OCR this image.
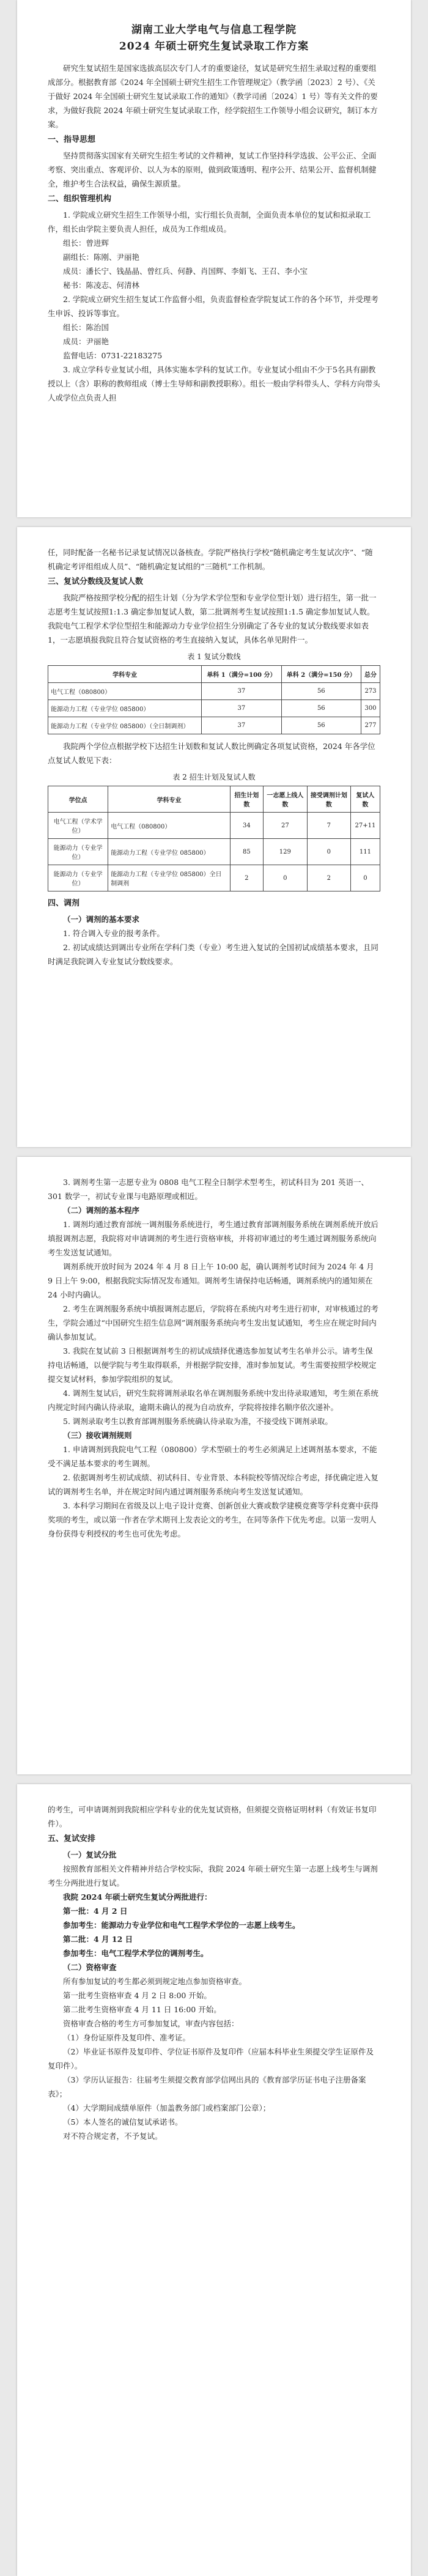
湖南工业大学电气与信息工程学院
2024 年硕士研究生复试录取工作方案

研究生复试招生是国家选拔高层次专门人才的重要途径，复试是研究生招生录取过程的重要组成部分。根据教育部《2024 年全国硕士研究生招生工作管理规定》（教学函〔2023〕2 号）、《关于做好 2024 年全国硕士研究生复试录取工作的通知》（教学司函〔2024〕1 号）等有关文件的要求，为做好我院 2024 年硕士研究生复试录取工作，经学院招生工作领导小组会议研究，制订本方案。

一、指导思想

坚持贯彻落实国家有关研究生招生考试的文件精神，复试工作坚持科学选拔、公平公正、全面考察、突出重点、客观评价、以人为本的原则，做到政策透明、程序公开、结果公开、监督机制健全，维护考生合法权益，确保生源质量。

二、组织管理机构

1. 学院成立研究生招生工作领导小组，实行组长负责制，全面负责本单位的复试和拟录取工作，组长由学院主要负责人担任，成员为工作组成员。

组长：曾进辉

副组长：陈刚、尹丽艳

成员：潘长宁、钱晶晶、曾红兵、何静、肖国辉、李娟飞、王召、李小宝

秘书：陈凌志、何清林

2. 学院成立研究生招生复试工作监督小组，负责监督检查学院复试工作的各个环节，并受理考生申诉、投诉等事宜。

组长：陈治国

成员：尹丽艳

监督电话：0731-22183275

3. 成立学科专业复试小组，具体实施本学科的复试工作。专业复试小组由不少于5名具有副教授以上（含）职称的教师组成（博士生导师和副教授职称）。组长一般由学科带头人、学科方向带头人或学位点负责人担

任，同时配备一名秘书记录复试情况以备核查。学院严格执行学校“随机确定考生复试次序”、“随机确定考评组组成人员”、“随机确定复试组的”三随机”工作机制。

三、复试分数线及复试人数

我院严格按照学校分配的招生计划（分为学术学位型和专业学位型计划）进行招生，第一批一志愿考生复试按照1:1.3 确定参加复试人数，第二批调剂考生复试按照1:1.5 确定参加复试人数。我院电气工程学术学位型招生和能源动力专业学位招生分别确定了各专业的复试分数线要求如表1，一志愿填报我院且符合复试资格的考生直接纳入复试，具体名单见附件一。

表 1 复试分数线
学科专业	单科 1（满分=100 分）	单科 2（满分=150 分）	总分
电气工程（080800）	37	56	273
能源动力工程（专业学位 085800）	37	56	300
能源动力工程（专业学位 085800）（全日制调剂）	37	56	277

我院两个学位点根据学校下达招生计划数和复试人数比例确定各项复试资格，2024 年各学位点复试人数见下表：

表 2 招生计划及复试人数
学位点	学科专业	招生计划数	一志愿上线人数	接受调剂计划数	复试人数
电气工程（学术学位）	电气工程（080800）	34	27	7	27+11
能源动力（专业学位）	能源动力工程（专业学位 085800）	85	129	0	111
能源动力（专业学位）	能源动力工程（专业学位 085800）全日制调剂	2	0	2	0
四、调剂
（一）调剂的基本要求

1. 符合调入专业的报考条件。

2. 初试成绩达到调出专业所在学科门类（专业）考生进入复试的全国初试成绩基本要求，且同时满足我院调入专业复试分数线要求。

3. 调剂考生第一志愿专业为 0808 电气工程全日制学术型考生，初试科目为 201 英语一、301 数学一，初试专业课与电路原理或相近。

（二）调剂的基本程序

1. 调剂均通过教育部统一调剂服务系统进行，考生通过教育部调剂服务系统在调剂系统开放后填报调剂志愿，我院将对申请调剂的考生进行资格审核，并将初审通过的考生通过调剂服务系统向考生发送复试通知。

调剂系统开放时间为 2024 年 4 月 8 日上午 10:00 起，确认调剂考试时间为 2024 年 4 月 9 日上午 9:00，根据我院实际情况发布通知。调剂考生请保持电话畅通，调剂系统内的通知须在 24 小时内确认。

2. 考生在调剂服务系统中填报调剂志愿后，学院将在系统内对考生进行初审，对审核通过的考生，学院会通过“中国研究生招生信息网”调剂服务系统向考生发出复试通知，考生应在规定时间内确认参加复试。

3. 我院在复试前 3 日根据调剂考生的初试成绩择优遴选参加复试考生名单并公示。请考生保持电话畅通，以便学院与考生取得联系，并根据学院安排，准时参加复试。考生需要按照学校规定提交复试材料，参加学院组织的复试。

4. 调剂生复试后，研究生院将调剂录取名单在调剂服务系统中发出待录取通知，考生须在系统内规定时间内确认待录取，逾期未确认的视为自动放弃，学院将按排名顺序依次递补。

5. 调剂录取考生以教育部调剂服务系统确认待录取为准，不接受线下调剂录取。

（三）接收调剂规则

1. 申请调剂到我院电气工程（080800）学术型硕士的考生必须满足上述调剂基本要求，不能受不满足基本要求的考生调剂。

2. 依据调剂考生初试成绩、初试科目、专业背景、本科院校等情况综合考虑，择优确定进入复试的调剂考生名单，并在规定时间内通过调剂服务系统向考生发送复试通知。

3. 本科学习期间在省级及以上电子设计竞赛、创新创业大赛或数学建模竞赛等学科竞赛中获得奖项的考生，或以第一作者在学术期刊上发表论文的考生，在同等条件下优先考虑。以第一发明人身份获得专利授权的考生也可优先考虑。

的考生，可申请调剂到我院相应学科专业的优先复试资格，但须提交资格证明材料（有效证书复印件）。

五、复试安排
（一）复试分批

按照教育部相关文件精神并结合学校实际，我院 2024 年硕士研究生第一志愿上线考生与调剂考生分两批进行复试。

我院 2024 年硕士研究生复试分两批进行：

第一批：4 月 2 日

参加考生：能源动力专业学位和电气工程学术学位的一志愿上线考生。

第二批：4 月 12 日

参加考生：电气工程学术学位的调剂考生。

（二）资格审查

所有参加复试的考生都必须到规定地点参加资格审查。

第一批考生资格审查 4 月 2 日 8:00 开始。

第二批考生资格审查 4 月 11 日 16:00 开始。

资格审查合格的考生方可参加复试，审查内容包括：

（1）身份证原件及复印件、准考证。

（2）毕业证书原件及复印件、学位证书原件及复印件（应届本科毕业生须提交学生证原件及复印件）。

（3）学历认证报告：往届考生须提交教育部学信网出具的《教育部学历证书电子注册备案表》；

（4）大学期间成绩单原件（加盖教务部门或档案部门公章）；

（5）本人签名的诚信复试承诺书。

对不符合规定者，不予复试。
